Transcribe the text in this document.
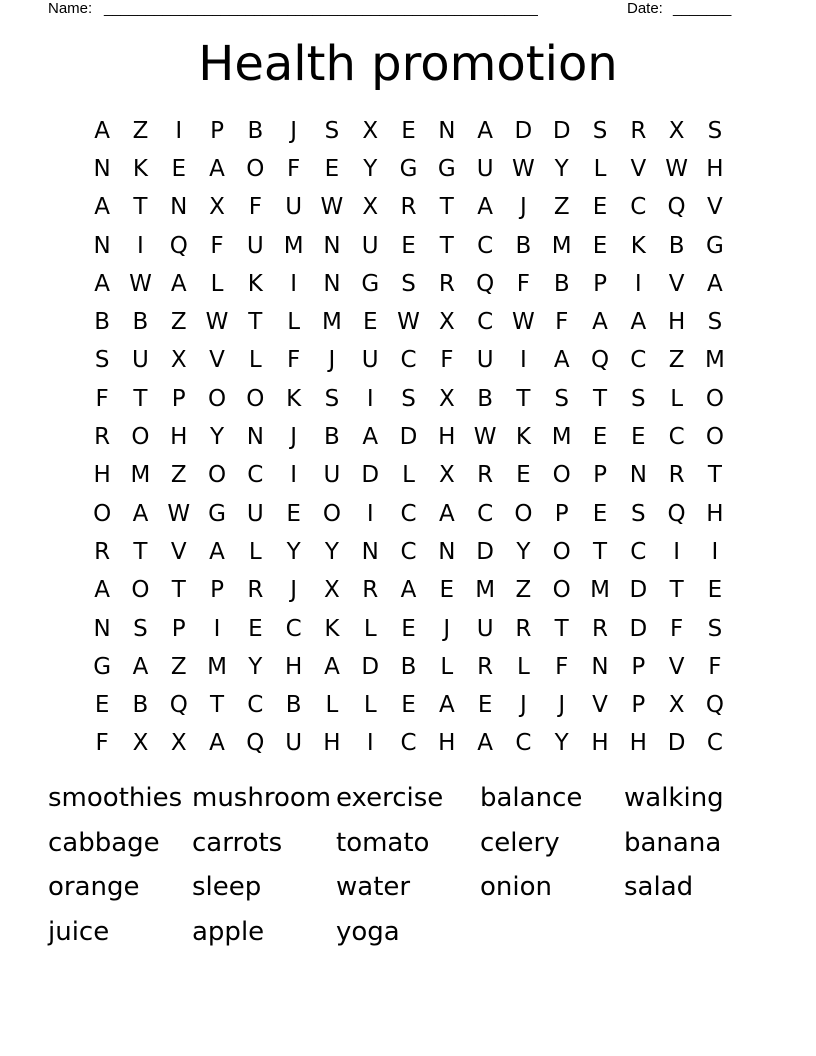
Name: ____________________________________________________	Date: _______
Health promotion
A Z	I	P	B	J	S	X	E N A D D S	R X	S
N K	E	A O F	E	Y G G U W Y	L	V W H
A	T N X	F	U W X R	T	A	J	Z	E C Q V
N	I	Q F	U M N U E	T	C B M E	K B G
A W A	L	K	I	N G S	R Q F	B	P	I	V A
B B Z W T	L M E W X C W F	A A H S
S U X V	L	F	J	U C	F	U	I	A Q C Z M
F	T	P O O K	S	I	S	X B	T	S	T	S	L O
R O H Y N	J	B A D H W K M E	E C O
H M Z O C	I	U D	L	X R	E O P N R	T
O A W G U E O	I	C A C O P	E	S Q H
R	T	V A	L	Y	Y N C N D Y O T	C	I	I
A O T	P	R	J	X R A	E M Z O M D T	E
N S	P	I	E C K	L	E	J	U R	T	R D F	S
G A Z M Y H A D B	L	R	L	F	N P	V	F
E	B Q T	C B	L	L	E	A	E	J	J	V	P	X Q
F	X X A Q U H	I	C H A C	Y H H D C
smoothies mushroom exercise	balance	walking
cabbage	carrots	tomato	celery	banana
orange	sleep	water	onion	salad
juice	apple	yoga
